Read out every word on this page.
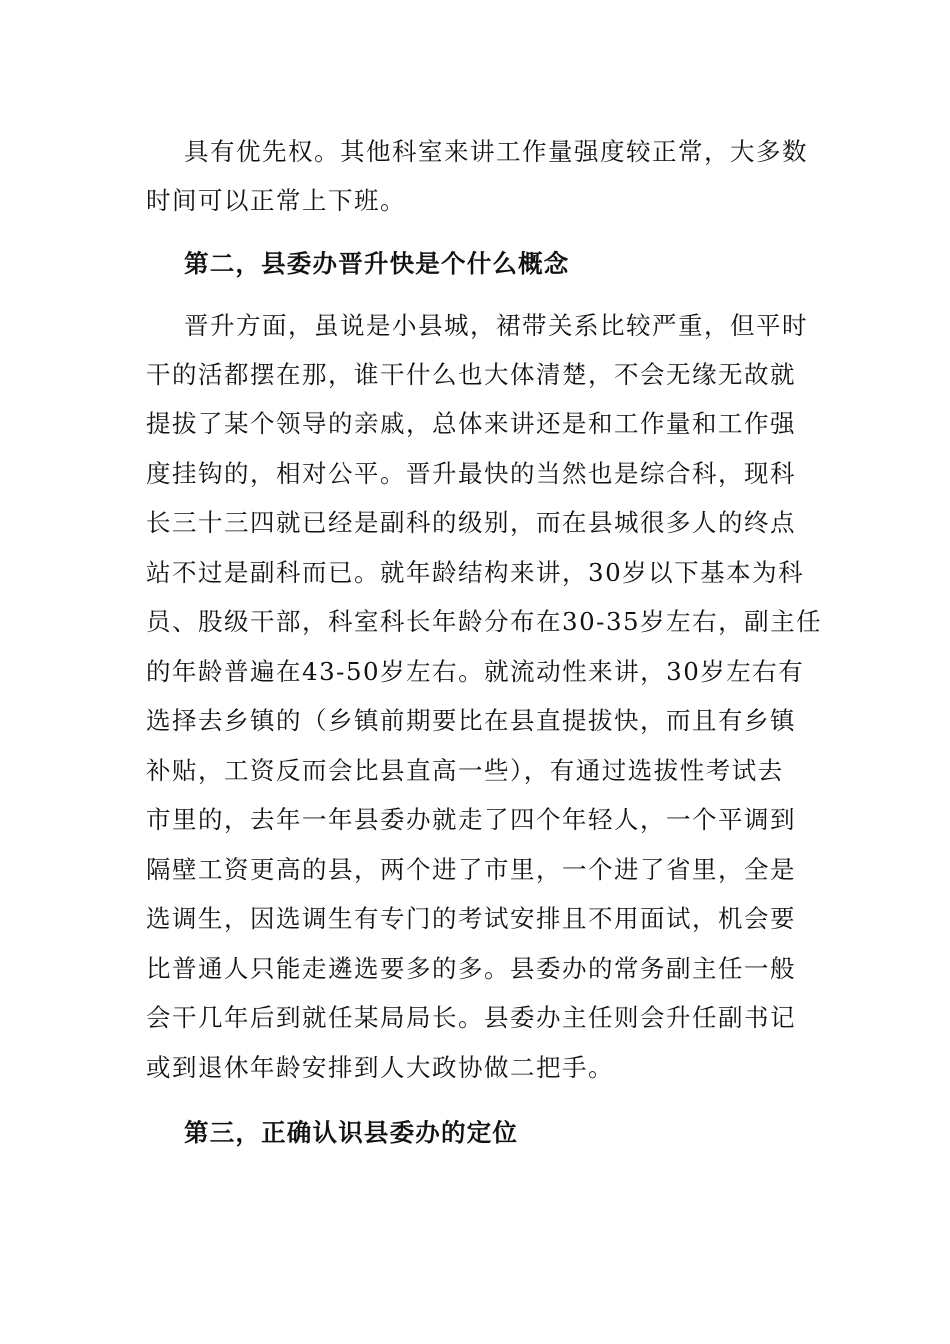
具有优先权。其他科室来讲工作量强度较正常，大多数
时间可以正常上下班。
第二，县委办晋升快是个什么概念
晋升方面，虽说是小县城，裙带关系比较严重，但平时
干的活都摆在那，谁干什么也大体清楚，不会无缘无故就
提拔了某个领导的亲戚，总体来讲还是和工作量和工作强
度挂钩的，相对公平。晋升最快的当然也是综合科，现科
长三十三四就已经是副科的级别，而在县城很多人的终点
站不过是副科而已。就年龄结构来讲，30岁以下基本为科
员、股级干部，科室科长年龄分布在30-35岁左右，副主任
的年龄普遍在43-50岁左右。就流动性来讲，30岁左右有
选择去乡镇的（乡镇前期要比在县直提拔快，而且有乡镇
补贴，工资反而会比县直高一些），有通过选拔性考试去
市里的，去年一年县委办就走了四个年轻人，一个平调到
隔壁工资更高的县，两个进了市里，一个进了省里，全是
选调生，因选调生有专门的考试安排且不用面试，机会要
比普通人只能走遴选要多的多。县委办的常务副主任一般
会干几年后到就任某局局长。县委办主任则会升任副书记
或到退休年龄安排到人大政协做二把手。
第三，正确认识县委办的定位
